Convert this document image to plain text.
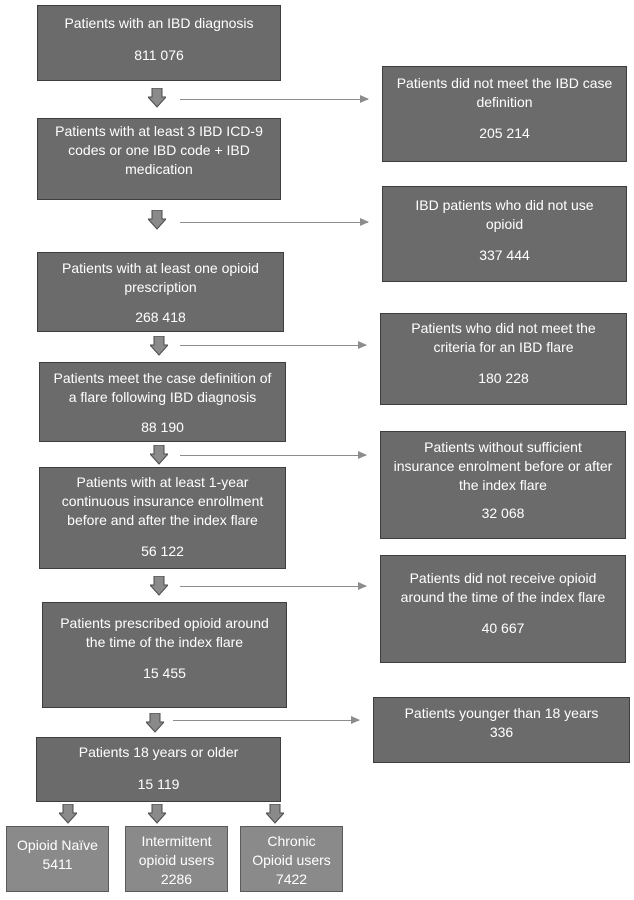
Patients with an IBD diagnosis
811 076
Patients with at least 3 IBD ICD-9 codes or one IBD code + IBD medication
Patients with at least one opioid prescription
268 418
Patients meet the case definition of a flare following IBD diagnosis
88 190
Patients with at least 1-year continuous insurance enrollment before and after the index flare
56 122
Patients prescribed opioid around the time of the index flare
15 455
Patients 18 years or older
15 119
Patients did not meet the IBD case definition
205 214
IBD patients who did not use opioid
337 444
Patients who did not meet the criteria for an IBD flare
180 228
Patients without sufficient insurance enrolment before or after the index flare
32 068
Patients did not receive opioid around the time of the index flare
40 667
Patients younger than 18 years
336
Opioid Naïve
5411
Intermittent opioid users
2286
Chronic Opioid users
7422
